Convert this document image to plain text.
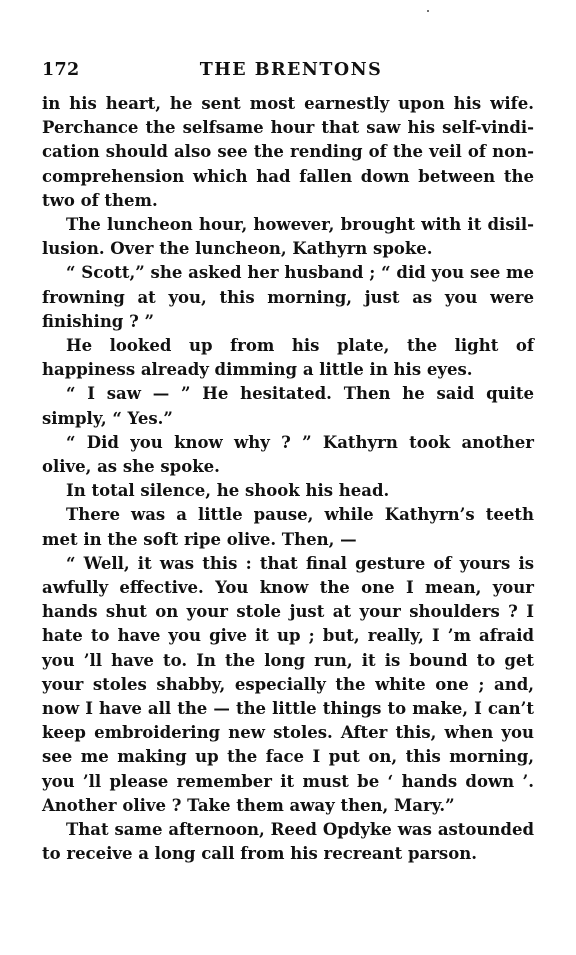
172	THE BRENTONS

in his heart, he sent most earnestly upon his wife. Perchance the selfsame hour that saw his self-vindication should also see the rending of the veil of noncomprehension which had fallen down between the two of them.

The luncheon hour, however, brought with it disillusion. Over the luncheon, Kathyrn spoke.

“ Scott,” she asked her husband ; “ did you see me frowning at you, this morning, just as you were finishing ? ”

He looked up from his plate, the light of happiness already dimming a little in his eyes.

“ I saw — ” He hesitated. Then he said quite simply, “ Yes.”

“ Did you know why ? ” Kathyrn took another olive, as she spoke.

In total silence, he shook his head.

There was a little pause, while Kathyrn’s teeth met in the soft ripe olive. Then, —

“ Well, it was this : that final gesture of yours is awfully effective. You know the one I mean, your hands shut on your stole just at your shoulders ? I hate to have you give it up ; but, really, I ’m afraid you ’ll have to. In the long run, it is bound to get your stoles shabby, especially the white one ; and, now I have all the — the little things to make, I can’t keep embroidering new stoles. After this, when you see me making up the face I put on, this morning, you ’ll please remember it must be ‘ hands down ’. Another olive ? Take them away then, Mary.”

That same afternoon, Reed Opdyke was astounded to receive a long call from his recreant parson.
